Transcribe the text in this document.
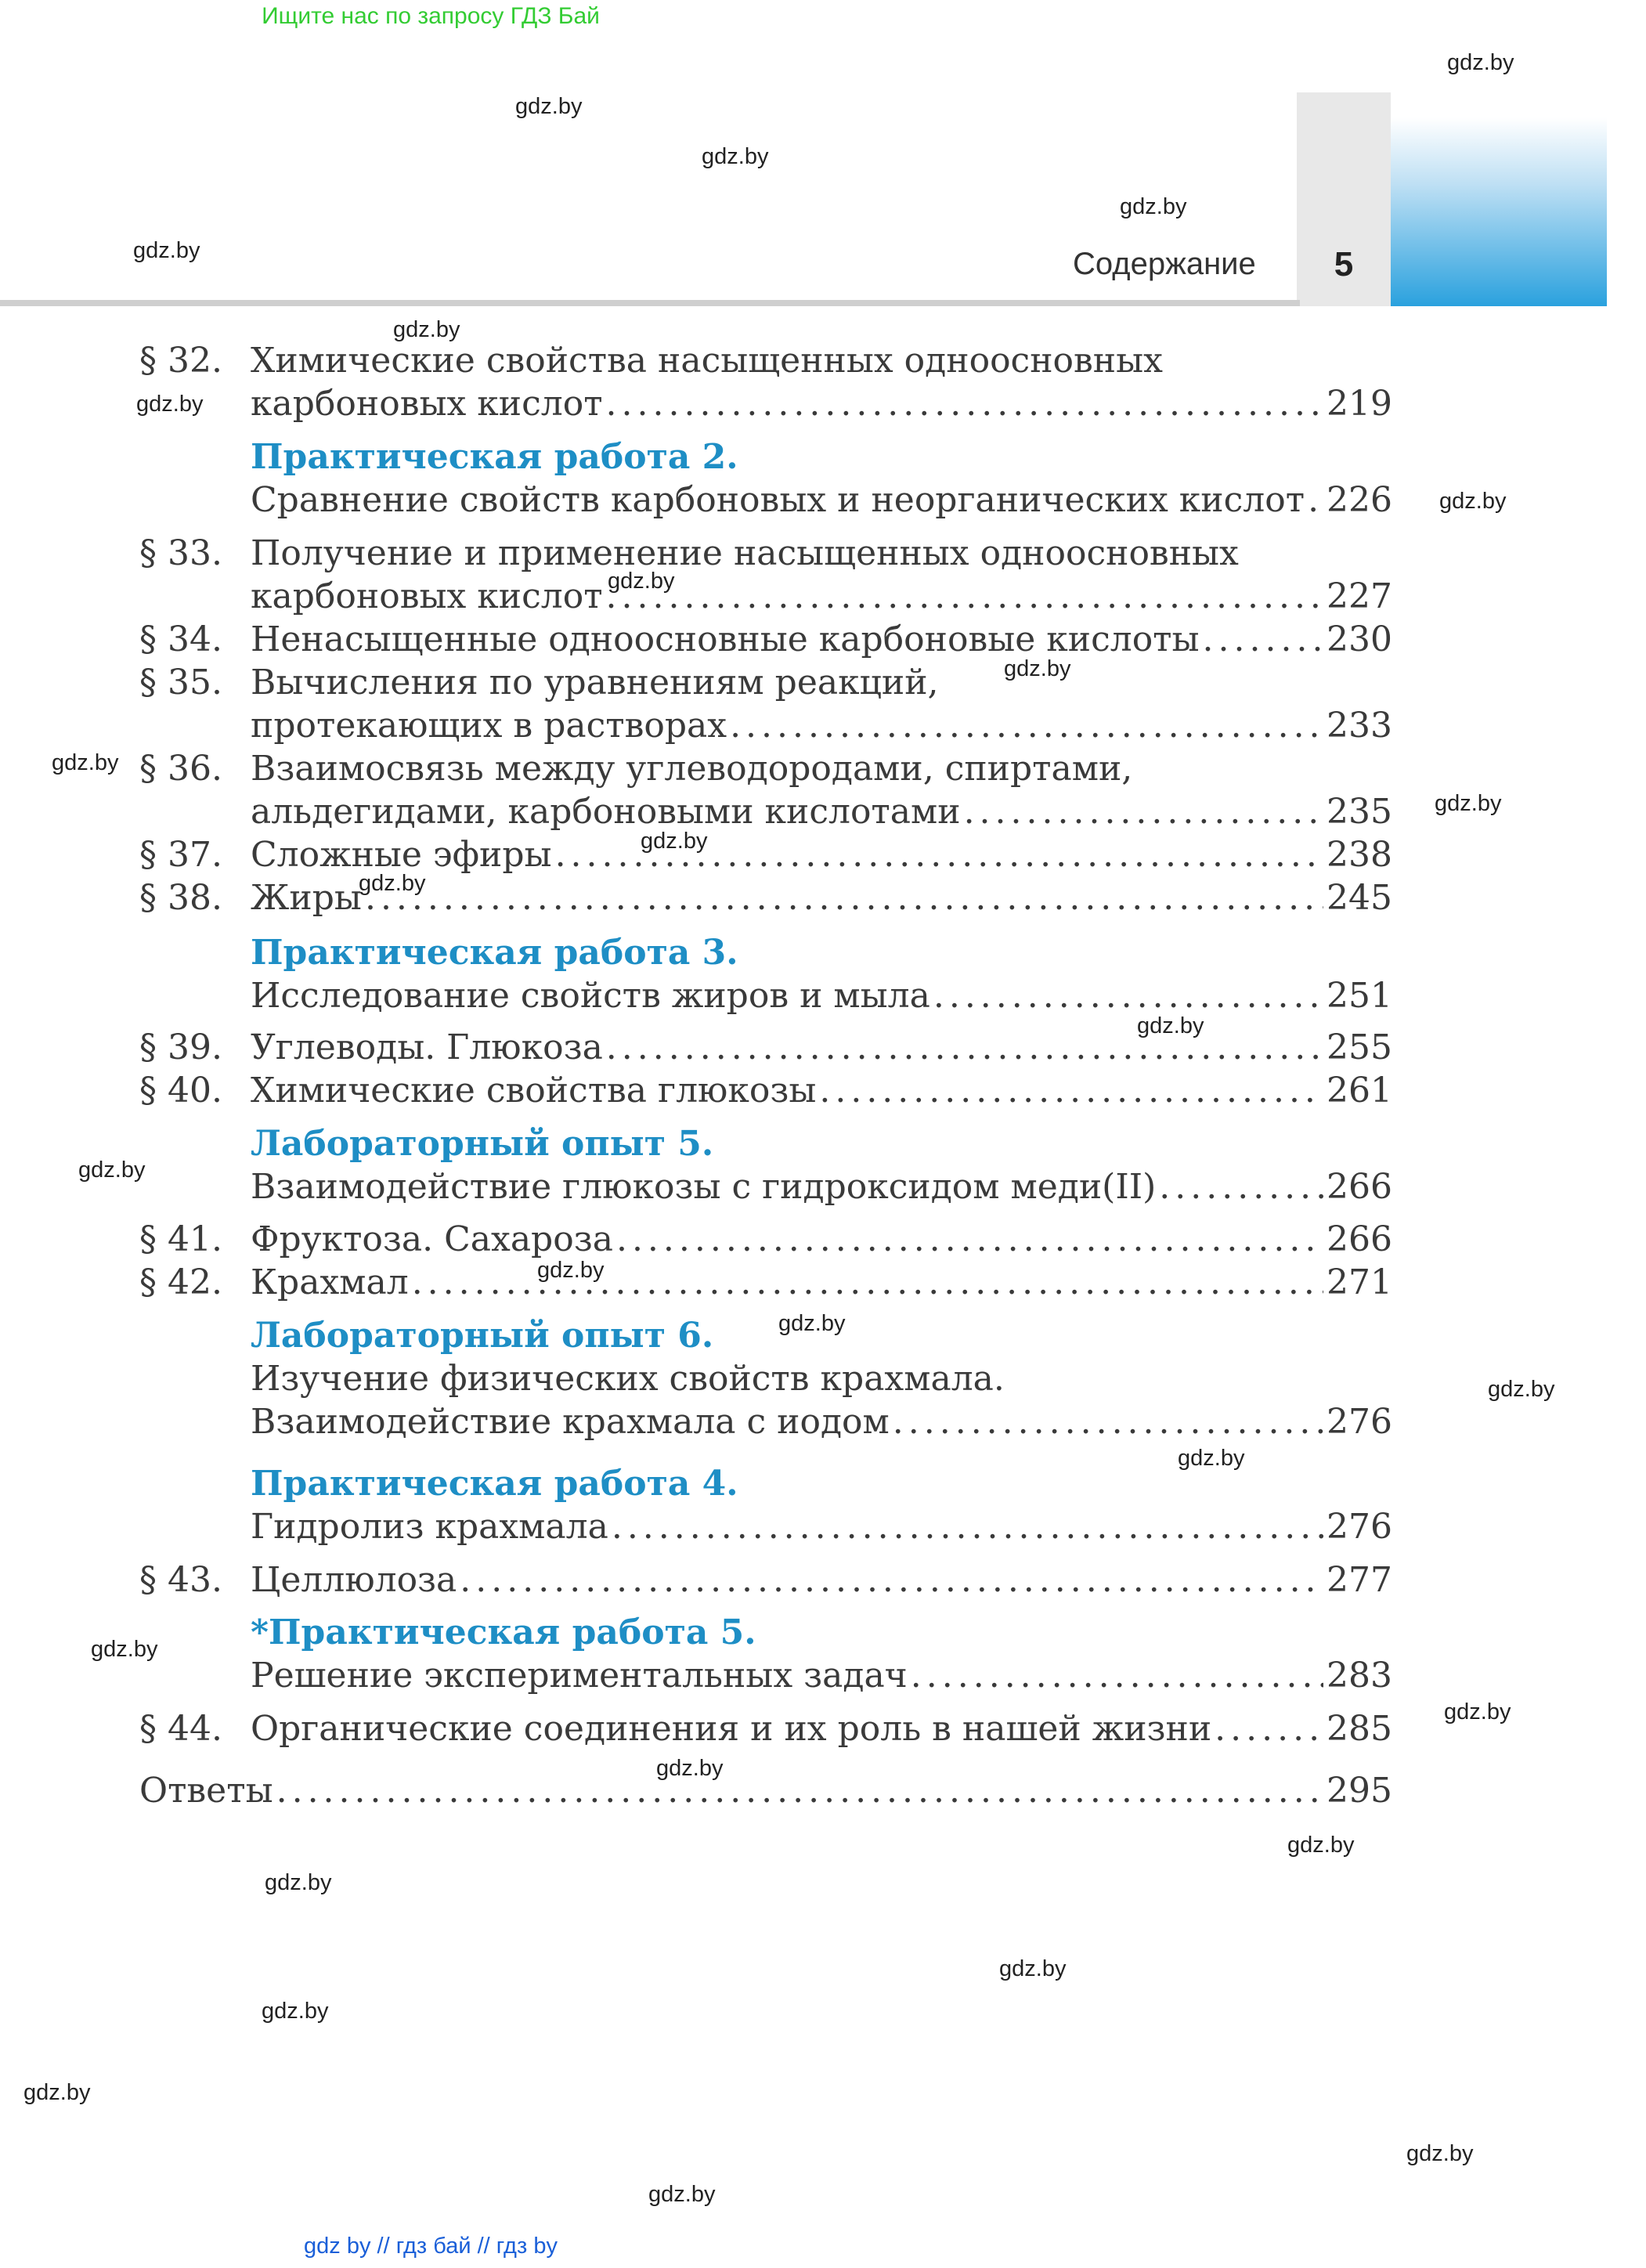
Ищите нас по запросу ГДЗ Бай
Содержание	5
§ 32. Химические свойства насыщенных одноосновных
карбоновых кислот .....	219
Практическая работа 2.
Сравнение свойств карбоновых и неорганических кислот ..... 226
§ 33. Получение и применение насыщенных одноосновных
карбоновых кислот .....	227
§ 34. Ненасыщенные одноосновные карбоновые кислоты .....	230
§ 35. Вычисления по уравнениям реакций,
протекающих в растворах .....	233
§ 36. Взаимосвязь между углеводородами, спиртами,
альдегидами, карбоновыми кислотами .....	235
§ 37. Сложные эфиры .....	238
§ 38. Жиры .....	245
Практическая работа 3.
Исследование свойств жиров и мыла .....	251
§ 39. Углеводы. Глюкоза .....	255
§ 40. Химические свойства глюкозы .....	261
Лабораторный опыт 5.
Взаимодействие глюкозы с гидроксидом меди(II) .....	266
§ 41. Фруктоза. Сахароза .....	266
§ 42. Крахмал .....	271
Лабораторный опыт 6.
Изучение физических свойств крахмала.
Взаимодействие крахмала с иодом .....	276
Практическая работа 4.
Гидролиз крахмала .....	276
§ 43. Целлюлоза .....	277
*Практическая работа 5.
Решение экспериментальных задач .....	283
§ 44. Органические соединения и их роль в нашей жизни .....	285
Ответы .....	295
gdz.by
gdz.by
gdz.by
gdz.by
gdz.by
gdz.by
gdz.by
gdz.by
gdz.by
gdz.by
gdz.by
gdz.by
gdz.by
gdz.by
gdz.by
gdz.by
gdz.by
gdz.by
gdz.by
gdz.by
gdz.by
gdz.by
gdz.by
gdz.by
gdz.by
gdz.by
gdz.by
gdz.by
gdz.by
gdz.by
gdz by // гдз бай // гдз by
